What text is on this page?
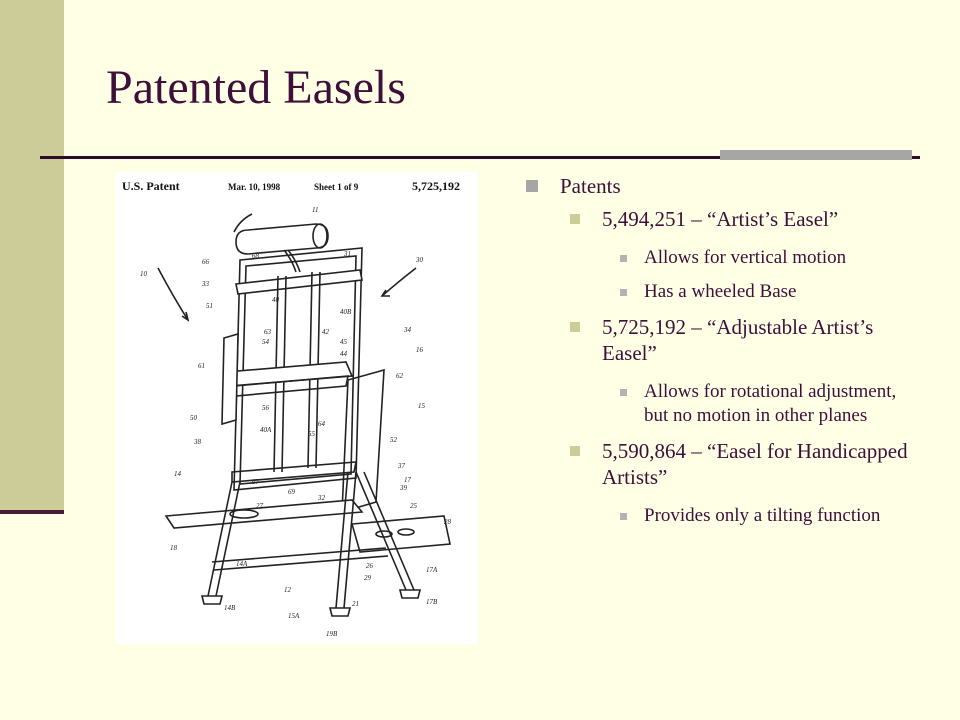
Patented Easels
U.S. Patent	Mar. 10, 1998	Sheet 1 of 9	5,725,192
11
68
66
33
31
30
10
40
40B
51
63	42
45
44
34
16
54
61
62
15
56
64
50
40A	55
52
38
37
17
39
25
14
67
69
32
27
28
18
14A	26
29
17A
12
17B
14B
15A
21
19B
Patents
5,494,251 – “Artist’s Easel”
Allows for vertical motion
Has a wheeled Base
5,725,192 – “Adjustable Artist’s Easel”
Allows for rotational adjustment, but no motion in other planes
5,590,864 – “Easel for Handicapped Artists”
Provides only a tilting function
